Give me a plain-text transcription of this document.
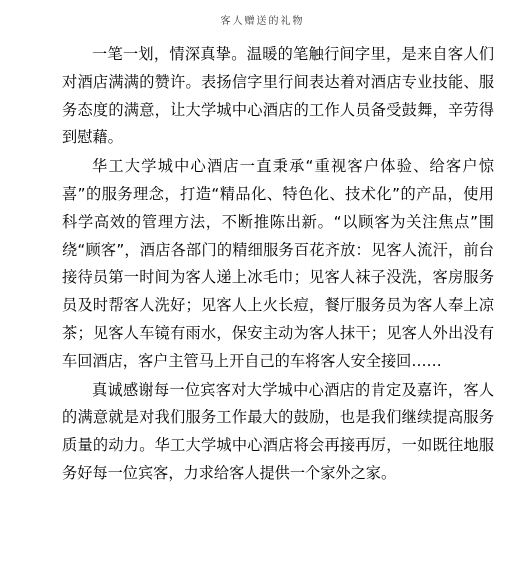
客人赠送的礼物

一笔一划，情深真挚。温暖的笔触行间字里，是来自客人们对酒店满满的赞许。表扬信字里行间表达着对酒店专业技能、服务态度的满意，让大学城中心酒店的工作人员备受鼓舞，辛劳得到慰藉。

华工大学城中心酒店一直秉承“重视客户体验、给客户惊喜”的服务理念，打造“精品化、特色化、技术化”的产品，使用科学高效的管理方法，不断推陈出新。“以顾客为关注焦点”围绕“顾客”，酒店各部门的精细服务百花齐放：见客人流汗，前台接待员第一时间为客人递上冰毛巾；见客人袜子没洗，客房服务员及时帮客人洗好；见客人上火长痘，餐厅服务员为客人奉上凉茶；见客人车镜有雨水，保安主动为客人抹干；见客人外出没有车回酒店，客户主管马上开自己的车将客人安全接回……

真诚感谢每一位宾客对大学城中心酒店的肯定及嘉许，客人的满意就是对我们服务工作最大的鼓励，也是我们继续提高服务质量的动力。华工大学城中心酒店将会再接再厉，一如既往地服务好每一位宾客，力求给客人提供一个家外之家。
